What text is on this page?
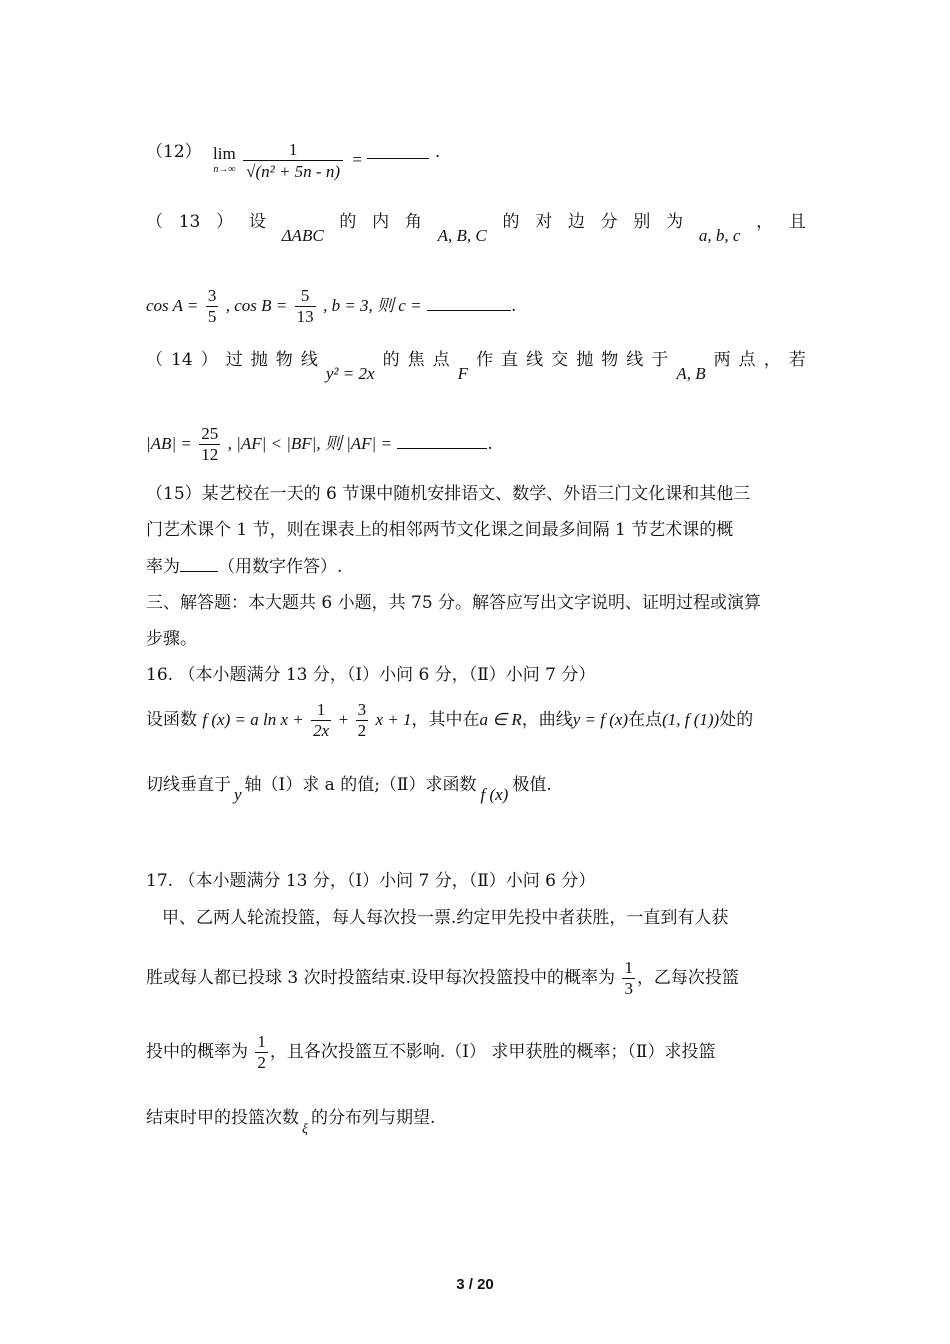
（12） lim
n→∞
$\frac{1}{\text{√(n² + 5n - n)}}$ =	.
（ 13 ） 设
ΔABC
的 内 角
A, B, C
的 对 边 分 别 为
a, b, c
， 且
$\cos A = \frac{3}{5}$ , $\cos B = \frac{5}{13}$ , b = 3, 则 c =	.
（ 14 ） 过 抛 物 线
y² = 2x
的 焦 点
F
作 直 线 交 抛 物 线 于
A, B
两 点 ， 若
$|AB| = \frac{25}{12}$ , |AF| < |BF|, 则 |AF| =	.
（15）某艺校在一天的 6 节课中随机安排语文、数学、外语三门文化课和其他三
门艺术课个 1 节，则在课表上的相邻两节文化课之间最多间隔 1 节艺术课的概
率为 （用数字作答）.
三、解答题：本大题共 6 小题，共 75 分。解答应写出文字说明、证明过程或演算
步骤。
16. （本小题满分 13 分，（Ⅰ）小问 6 分，（Ⅱ）小问 7 分）
设函数 f (x) = a $\ln x + \frac{1}{2x} + \frac{3}{2}$ x + 1，其中在a ∈ R，曲线y = f (x)在点(1, f (1))处的
切线垂直于 y 轴（Ⅰ）求 a 的值;（Ⅱ）求函数 f (x) 极值.
17. （本小题满分 13 分，（Ⅰ）小问 7 分，（Ⅱ）小问 6 分）
甲、乙两人轮流投篮，每人每次投一票.约定甲先投中者获胜，一直到有人获
胜或每人都已投球 3 次时投篮结束.设甲每次投篮投中的概率为 $\frac{1}{3}$ ，乙每次投篮
投中的概率为 $\frac{1}{2}$ ，且各次投篮互不影响.（Ⅰ） 求甲获胜的概率；（Ⅱ）求投篮
结束时甲的投篮次数$_\xi$的分布列与期望.
3 / 20
